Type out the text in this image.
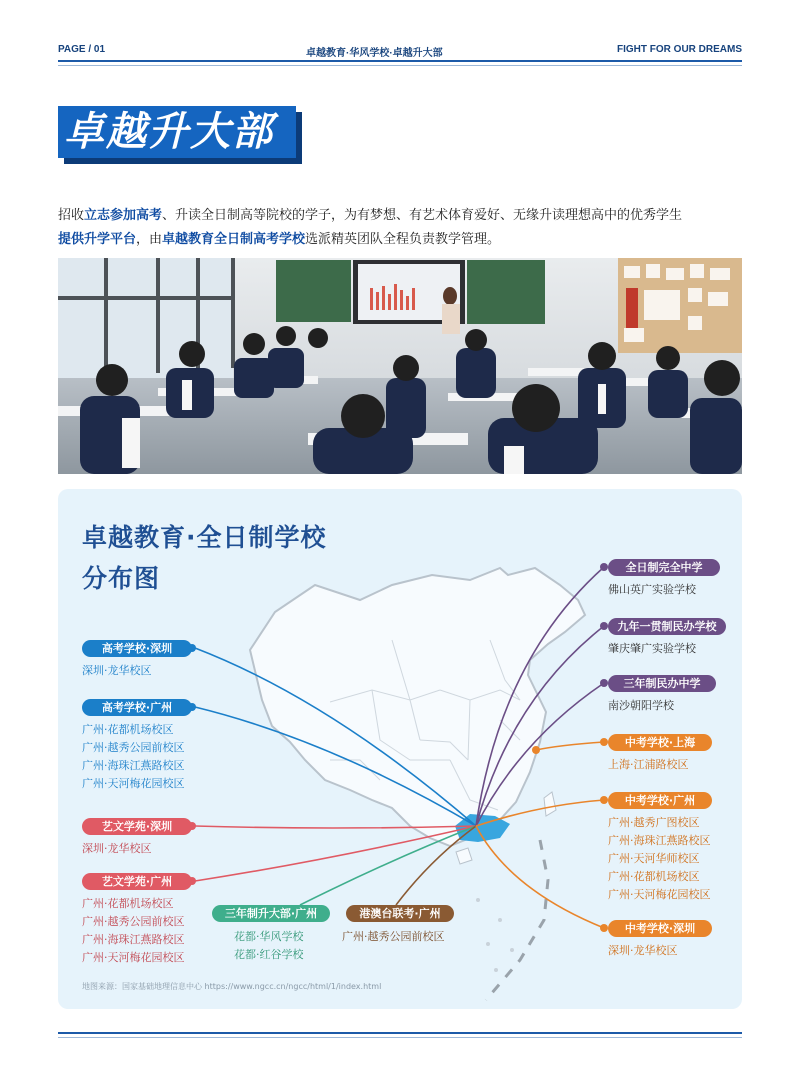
PAGE / 01	卓越教育·华风学校·卓越升大部	FIGHT FOR OUR DREAMS
卓越升大部
招收立志参加高考、升读全日制高等院校的学子，为有梦想、有艺术体育爱好、无缘升读理想高中的优秀学生
提供升学平台，由卓越教育全日制高考学校选派精英团队全程负责教学管理。
卓越教育·全日制学校
分布图
高考学校·深圳
深圳·龙华校区
高考学校·广州
广州·花都机场校区
广州·越秀公园前校区
广州·海珠江燕路校区
广州·天河梅花园校区
艺文学苑·深圳
深圳·龙华校区
艺文学苑·广州
广州·花都机场校区
广州·越秀公园前校区
广州·海珠江燕路校区
广州·天河梅花园校区
三年制升大部·广州
花都·华风学校
花都·红谷学校
港澳台联考·广州
广州·越秀公园前校区
全日制完全中学
佛山英广实验学校
九年一贯制民办学校
肇庆肇广实验学校
三年制民办中学
南沙朝阳学校
中考学校·上海
上海·江浦路校区
中考学校·广州
广州·越秀广图校区
广州·海珠江燕路校区
广州·天河华师校区
广州·花都机场校区
广州·天河梅花园校区
中考学校·深圳
深圳·龙华校区
地图来源：国家基础地理信息中心 https://www.ngcc.cn/ngcc/html/1/index.html
